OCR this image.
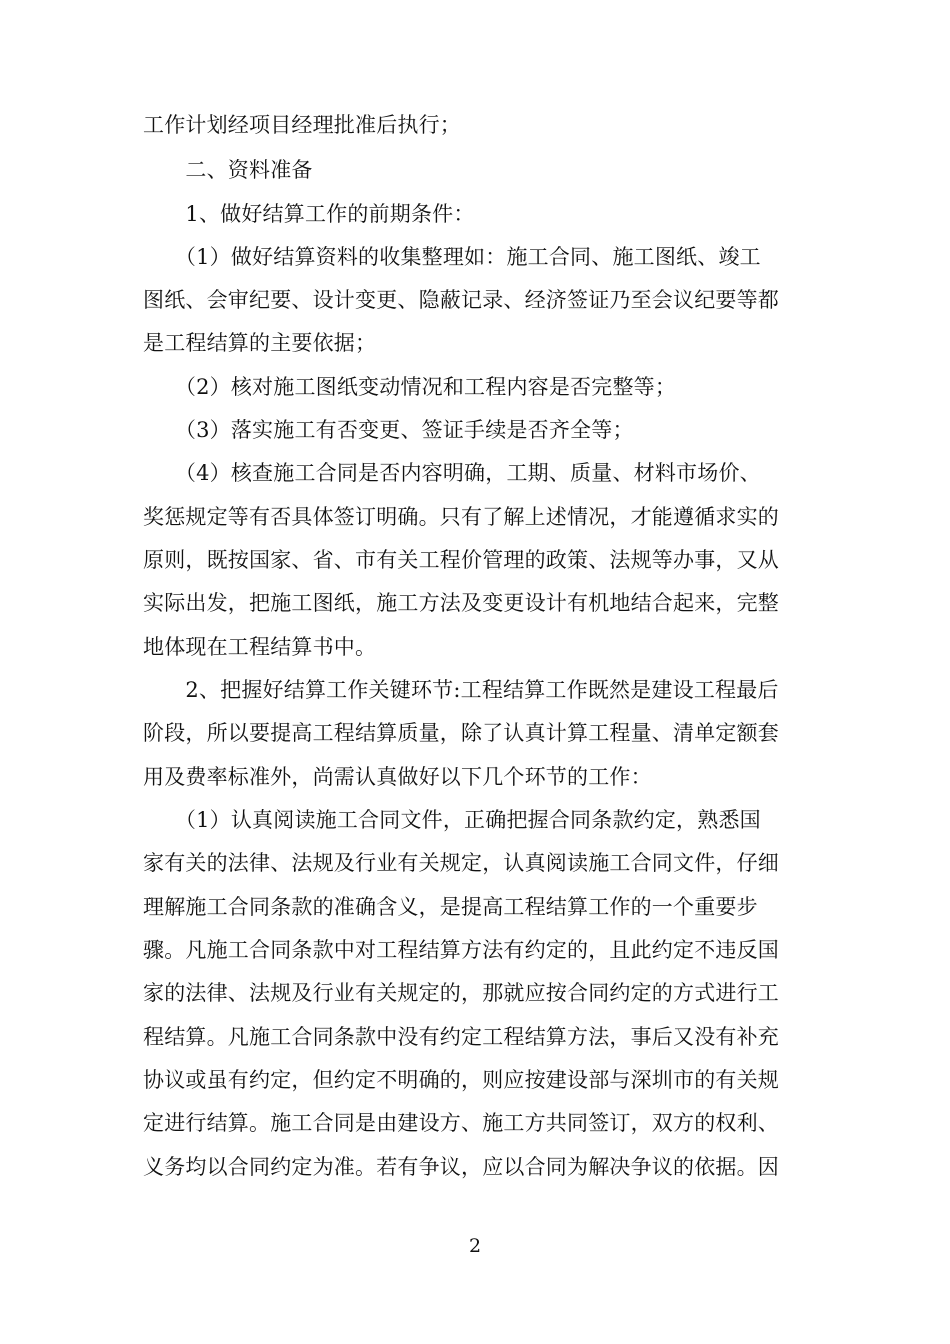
工作计划经项目经理批准后执行；
　　二、资料准备
　　1、做好结算工作的前期条件：
　　（1）做好结算资料的收集整理如：施工合同、施工图纸、竣工
图纸、会审纪要、设计变更、隐蔽记录、经济签证乃至会议纪要等都
是工程结算的主要依据；
　　（2）核对施工图纸变动情况和工程内容是否完整等；
　　（3）落实施工有否变更、签证手续是否齐全等；
　　（4）核查施工合同是否内容明确，工期、质量、材料市场价、
奖惩规定等有否具体签订明确。只有了解上述情况，才能遵循求实的
原则，既按国家、省、市有关工程价管理的政策、法规等办事，又从
实际出发，把施工图纸，施工方法及变更设计有机地结合起来，完整
地体现在工程结算书中。
　　2、把握好结算工作关键环节:工程结算工作既然是建设工程最后
阶段，所以要提高工程结算质量，除了认真计算工程量、清单定额套
用及费率标准外，尚需认真做好以下几个环节的工作：
　　（1）认真阅读施工合同文件，正确把握合同条款约定，熟悉国
家有关的法律、法规及行业有关规定，认真阅读施工合同文件，仔细
理解施工合同条款的准确含义，是提高工程结算工作的一个重要步
骤。凡施工合同条款中对工程结算方法有约定的，且此约定不违反国
家的法律、法规及行业有关规定的，那就应按合同约定的方式进行工
程结算。凡施工合同条款中没有约定工程结算方法，事后又没有补充
协议或虽有约定，但约定不明确的，则应按建设部与深圳市的有关规
定进行结算。施工合同是由建设方、施工方共同签订，双方的权利、
义务均以合同约定为准。若有争议，应以合同为解决争议的依据。因
2
